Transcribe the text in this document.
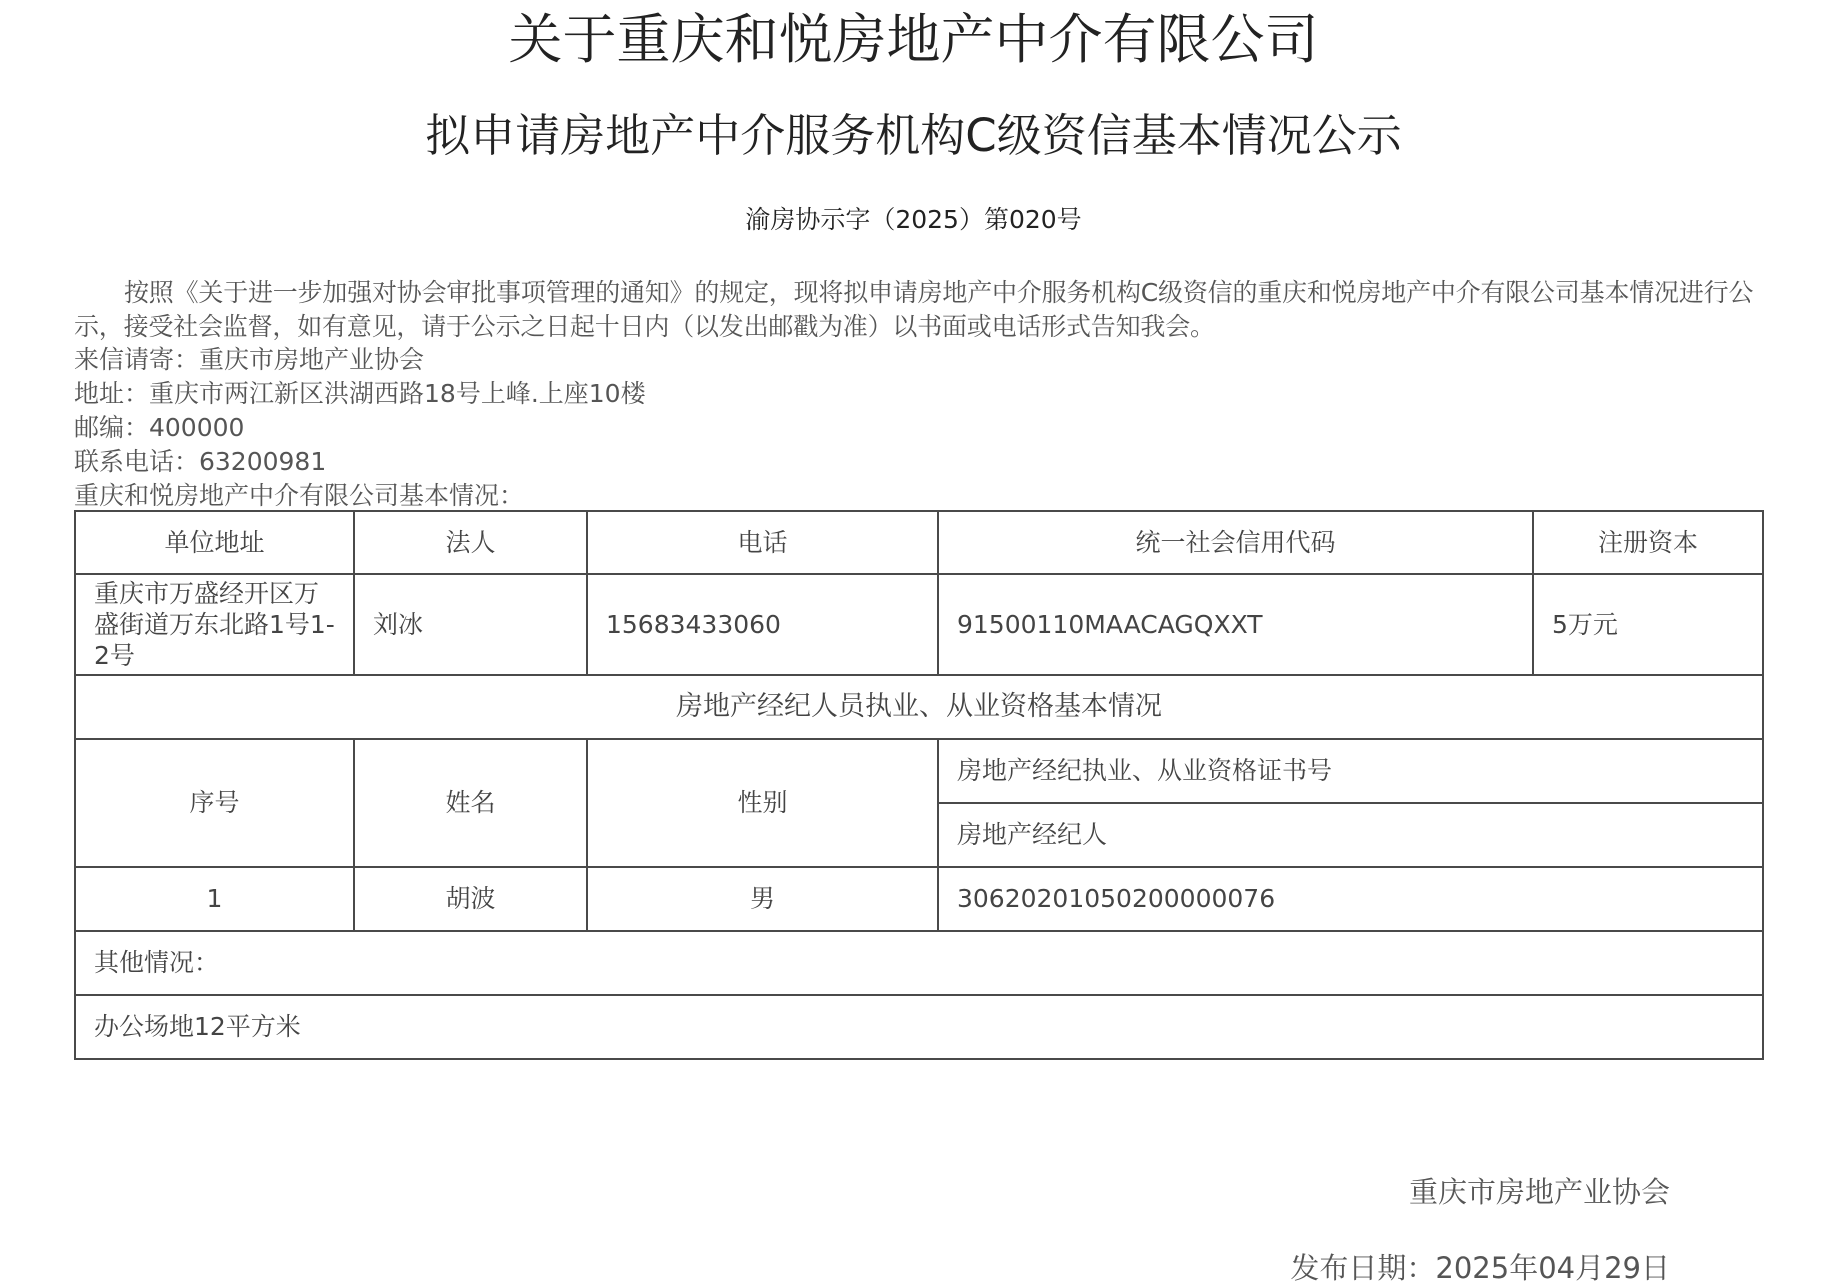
关于重庆和悦房地产中介有限公司
拟申请房地产中介服务机构C级资信基本情况公示
渝房协示字（2025）第020号
按照《关于进一步加强对协会审批事项管理的通知》的规定，现将拟申请房地产中介服务机构C级资信的重庆和悦房地产中介有限公司基本情况进行公示，接受社会监督，如有意见，请于公示之日起十日内（以发出邮戳为准）以书面或电话形式告知我会。
来信请寄：重庆市房地产业协会
地址：重庆市两江新区洪湖西路18号上峰.上座10楼
邮编：400000
联系电话：63200981
重庆和悦房地产中介有限公司基本情况：
单位地址	法人	电话	统一社会信用代码	注册资本
重庆市万盛经开区万盛街道万东北路1号1-2号	刘冰	15683433060	91500110MAACAGQXXT	5万元
房地产经纪人员执业、从业资格基本情况				
序号	姓名	性别	房地产经纪执业、从业资格证书号	
			房地产经纪人	
1	胡波	男	30620201050200000076	
其他情况：				
办公场地12平方米				
重庆市房地产业协会
发布日期：2025年04月29日
